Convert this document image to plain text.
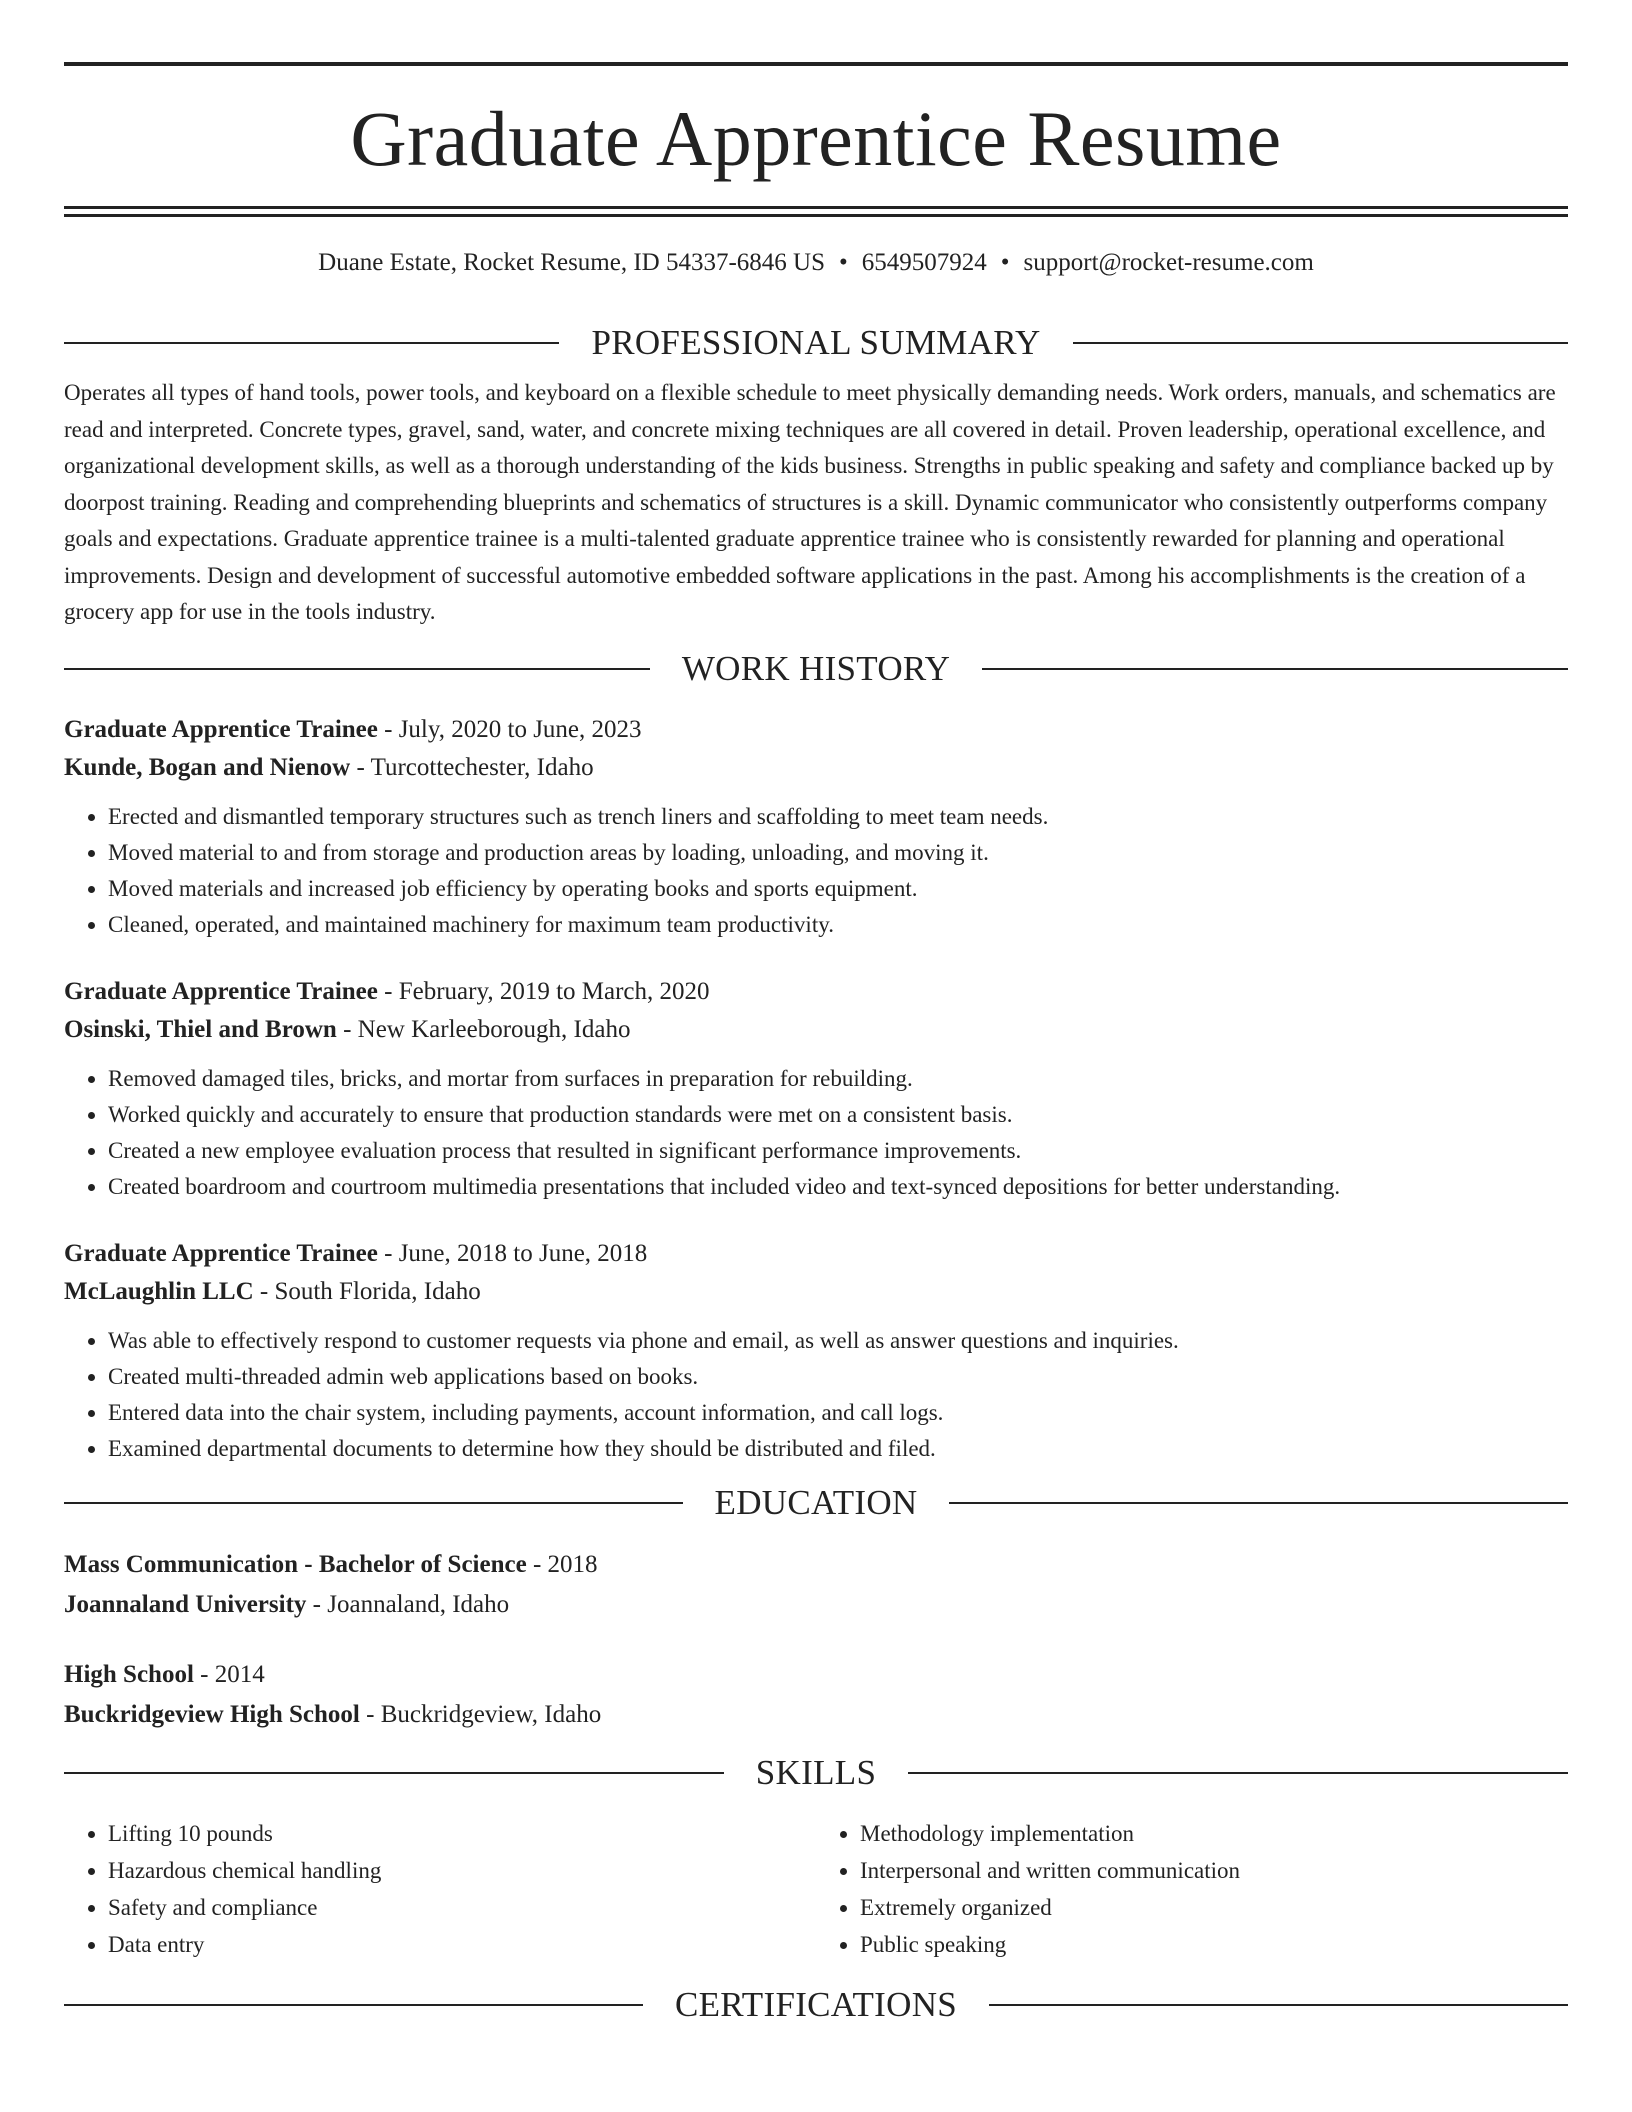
Graduate Apprentice Resume
Duane Estate, Rocket Resume, ID 54337-6846 US • 6549507924 • support@rocket-resume.com
PROFESSIONAL SUMMARY

Operates all types of hand tools, power tools, and keyboard on a flexible schedule to meet physically demanding needs. Work orders, manuals, and schematics are read and interpreted. Concrete types, gravel, sand, water, and concrete mixing techniques are all covered in detail. Proven leadership, operational excellence, and organizational development skills, as well as a thorough understanding of the kids business. Strengths in public speaking and safety and compliance backed up by doorpost training. Reading and comprehending blueprints and schematics of structures is a skill. Dynamic communicator who consistently outperforms company goals and expectations. Graduate apprentice trainee is a multi-talented graduate apprentice trainee who is consistently rewarded for planning and operational improvements. Design and development of successful automotive embedded software applications in the past. Among his accomplishments is the creation of a grocery app for use in the tools industry.

WORK HISTORY
Graduate Apprentice Trainee - July, 2020 to June, 2023
Kunde, Bogan and Nienow - Turcottechester, Idaho
• Erected and dismantled temporary structures such as trench liners and scaffolding to meet team needs.
• Moved material to and from storage and production areas by loading, unloading, and moving it.
• Moved materials and increased job efficiency by operating books and sports equipment.
• Cleaned, operated, and maintained machinery for maximum team productivity.
Graduate Apprentice Trainee - February, 2019 to March, 2020
Osinski, Thiel and Brown - New Karleeborough, Idaho
• Removed damaged tiles, bricks, and mortar from surfaces in preparation for rebuilding.
• Worked quickly and accurately to ensure that production standards were met on a consistent basis.
• Created a new employee evaluation process that resulted in significant performance improvements.
• Created boardroom and courtroom multimedia presentations that included video and text-synced depositions for better understanding.
Graduate Apprentice Trainee - June, 2018 to June, 2018
McLaughlin LLC - South Florida, Idaho
• Was able to effectively respond to customer requests via phone and email, as well as answer questions and inquiries.
• Created multi-threaded admin web applications based on books.
• Entered data into the chair system, including payments, account information, and call logs.
• Examined departmental documents to determine how they should be distributed and filed.
EDUCATION
Mass Communication - Bachelor of Science - 2018
Joannaland University - Joannaland, Idaho
High School - 2014
Buckridgeview High School - Buckridgeview, Idaho
SKILLS
• Lifting 10 pounds
• Hazardous chemical handling
• Safety and compliance
• Data entry
• Methodology implementation
• Interpersonal and written communication
• Extremely organized
• Public speaking
CERTIFICATIONS
